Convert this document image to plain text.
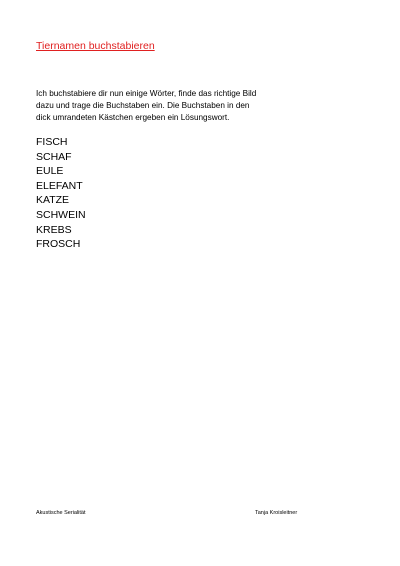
Tiernamen buchstabieren
Ich buchstabiere dir nun einige Wörter, finde das richtige Bild
dazu und trage die Buchstaben ein. Die Buchstaben in den
dick umrandeten Kästchen ergeben ein Lösungswort.
FISCH
SCHAF
EULE
ELEFANT
KATZE
SCHWEIN
KREBS
FROSCH
Akustische Serialität	Tanja Kroisleitner
